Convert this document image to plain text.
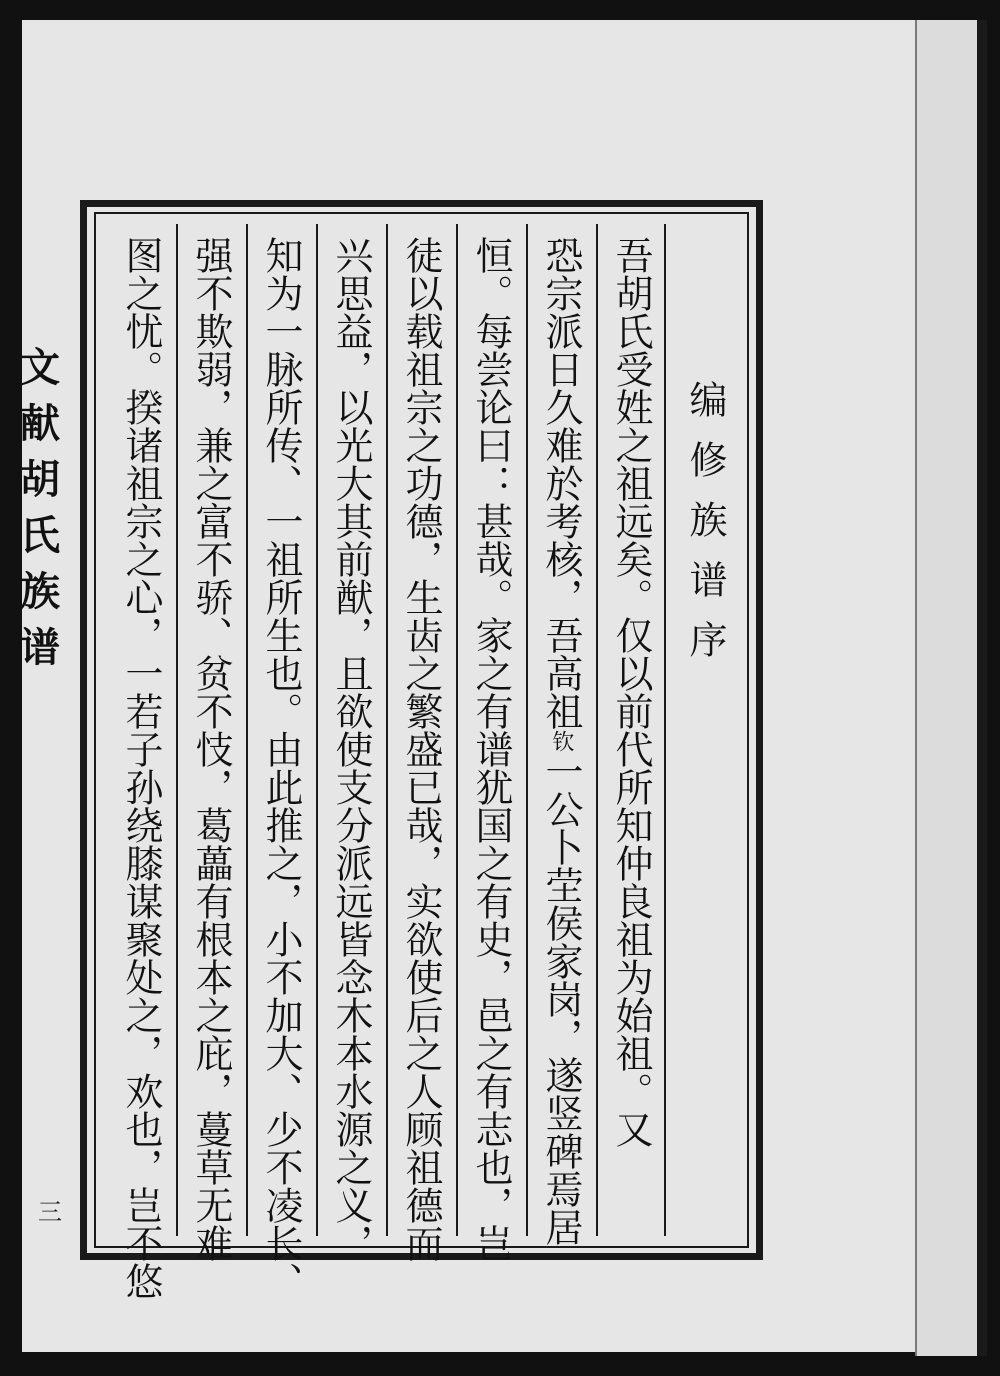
文献胡氏族谱
三
编修族谱序
吾胡氏受姓之祖远矣。仅以前代所知仲良祖为始祖。又
恐宗派日久难於考核，吾高祖钦一公卜茔侯家岗，遂竖碑焉居
恒。每尝论曰：甚哉。家之有谱犹国之有史，邑之有志也，岂
徒以载祖宗之功德，生齿之繁盛已哉，实欲使后之人顾祖德而
兴思益，以光大其前猷，且欲使支分派远皆念木本水源之义，
知为一脉所传、一祖所生也。由此推之，小不加大、少不凌长、
强不欺弱，兼之富不骄、贫不忮，葛藟有根本之庇，蔓草无难
图之忧。揆诸祖宗之心，一若子孙绕膝谋聚处之，欢也，岂不悠
